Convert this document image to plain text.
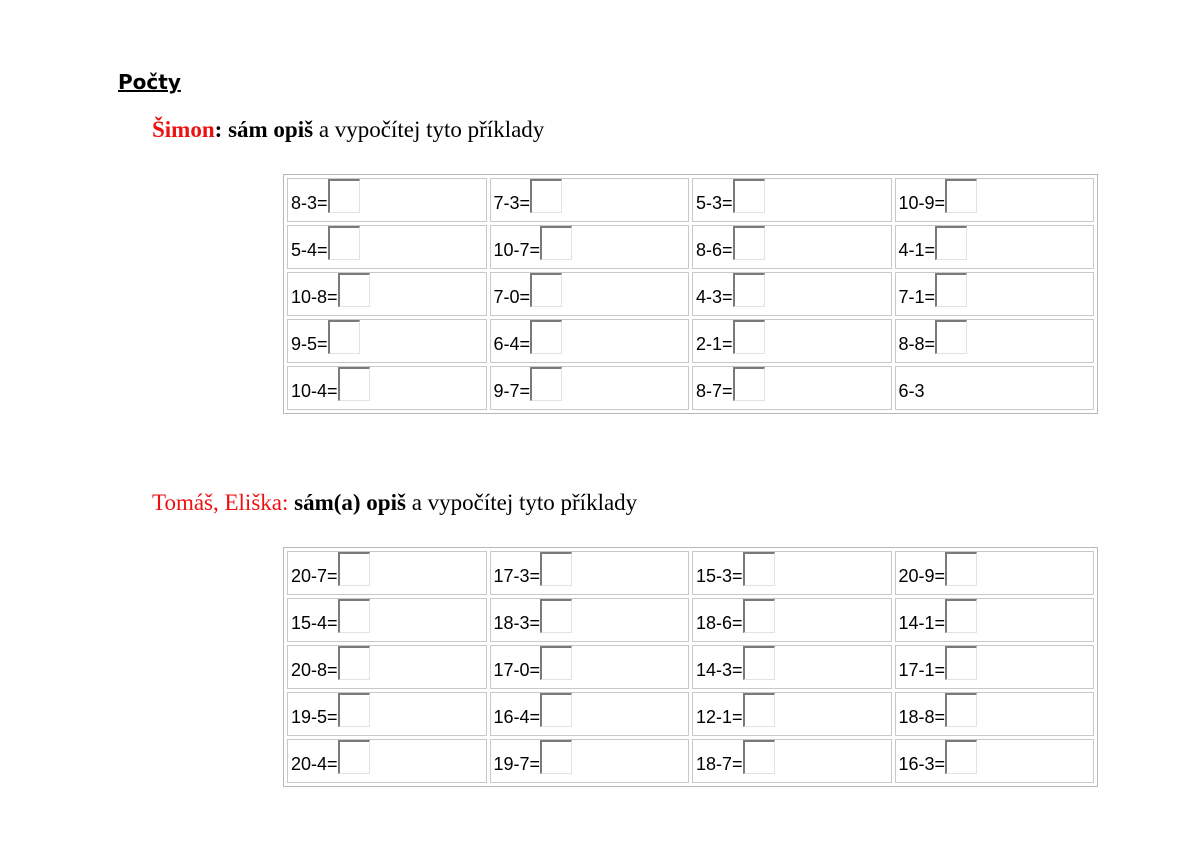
Počty
Šimon: sám opiš a vypočítej tyto příklady
8-3=	7-3=	5-3=	10-9=

5-4=	10-7=	8-6=	4-1=

10-8=	7-0=	4-3=	7-1=

9-5=	6-4=	2-1=	8-8=

10-4=	9-7=	8-7=	6-3
Tomáš, Eliška: sám(a) opiš a vypočítej tyto příklady
20-7=	17-3=	15-3=	20-9=

15-4=	18-3=	18-6=	14-1=

20-8=	17-0=	14-3=	17-1=

19-5=	16-4=	12-1=	18-8=

20-4=	19-7=	18-7=	16-3=
